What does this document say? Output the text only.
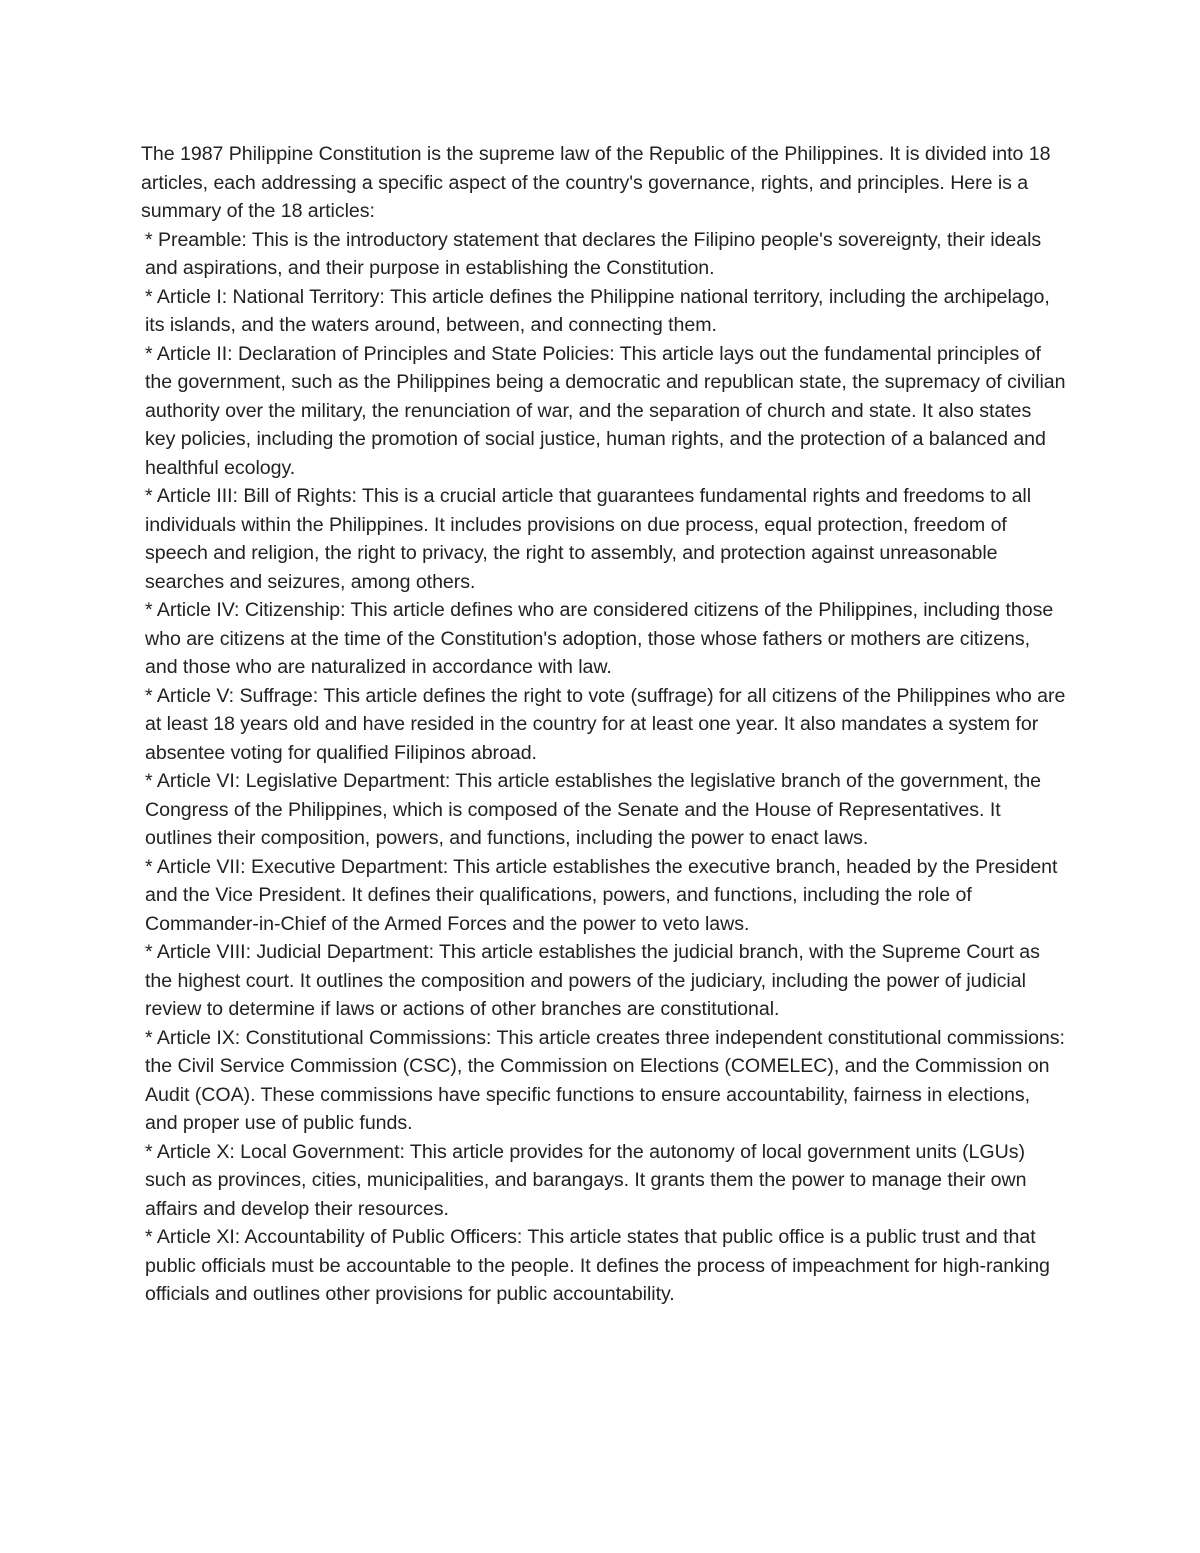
The 1987 Philippine Constitution is the supreme law of the Republic of the Philippines. It is divided into 18 articles, each addressing a specific aspect of the country's governance, rights, and principles. Here is a summary of the 18 articles:

* Preamble: This is the introductory statement that declares the Filipino people's sovereignty, their ideals and aspirations, and their purpose in establishing the Constitution.

* Article I: National Territory: This article defines the Philippine national territory, including the archipelago, its islands, and the waters around, between, and connecting them.

* Article II: Declaration of Principles and State Policies: This article lays out the fundamental principles of the government, such as the Philippines being a democratic and republican state, the supremacy of civilian authority over the military, the renunciation of war, and the separation of church and state. It also states key policies, including the promotion of social justice, human rights, and the protection of a balanced and healthful ecology.

* Article III: Bill of Rights: This is a crucial article that guarantees fundamental rights and freedoms to all individuals within the Philippines. It includes provisions on due process, equal protection, freedom of speech and religion, the right to privacy, the right to assembly, and protection against unreasonable searches and seizures, among others.

* Article IV: Citizenship: This article defines who are considered citizens of the Philippines, including those who are citizens at the time of the Constitution's adoption, those whose fathers or mothers are citizens, and those who are naturalized in accordance with law.

* Article V: Suffrage: This article defines the right to vote (suffrage) for all citizens of the Philippines who are at least 18 years old and have resided in the country for at least one year. It also mandates a system for absentee voting for qualified Filipinos abroad.

* Article VI: Legislative Department: This article establishes the legislative branch of the government, the Congress of the Philippines, which is composed of the Senate and the House of Representatives. It outlines their composition, powers, and functions, including the power to enact laws.

* Article VII: Executive Department: This article establishes the executive branch, headed by the President and the Vice President. It defines their qualifications, powers, and functions, including the role of Commander-in-Chief of the Armed Forces and the power to veto laws.

* Article VIII: Judicial Department: This article establishes the judicial branch, with the Supreme Court as the highest court. It outlines the composition and powers of the judiciary, including the power of judicial review to determine if laws or actions of other branches are constitutional.

* Article IX: Constitutional Commissions: This article creates three independent constitutional commissions: the Civil Service Commission (CSC), the Commission on Elections (COMELEC), and the Commission on Audit (COA). These commissions have specific functions to ensure accountability, fairness in elections, and proper use of public funds.

* Article X: Local Government: This article provides for the autonomy of local government units (LGUs) such as provinces, cities, municipalities, and barangays. It grants them the power to manage their own affairs and develop their resources.

* Article XI: Accountability of Public Officers: This article states that public office is a public trust and that public officials must be accountable to the people. It defines the process of impeachment for high-ranking officials and outlines other provisions for public accountability.
